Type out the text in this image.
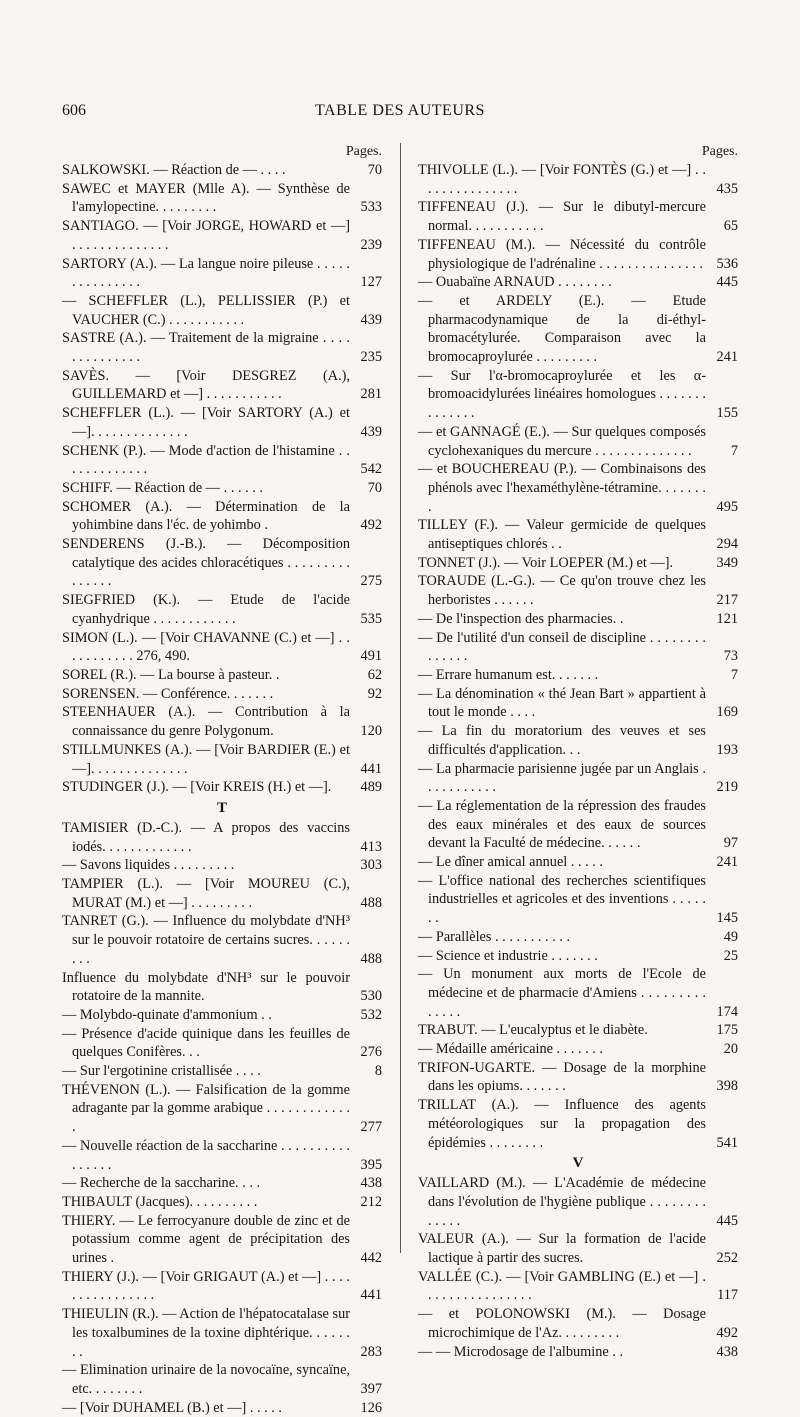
606	TABLE DES AUTEURS
Pages.
SALKOWSKI. — Réaction de — . . . .	70
SAWEC et MAYER (Mlle A). — Synthèse de l'amylopectine. . . . . . . . .	533
SANTIAGO. — [Voir JORGE, HOWARD et —] . . . . . . . . . . . . . .	239
SARTORY (A.). — La langue noire pileuse . . . . . . . . . . . . . . .	127
— SCHEFFLER (L.), PELLISSIER (P.) et VAUCHER (C.) . . . . . . . . . . .	439
SASTRE (A.). — Traitement de la migraine . . . . . . . . . . . . . .	235
SAVÈS. — [Voir DESGREZ (A.), GUILLEMARD et —] . . . . . . . . . . .	281
SCHEFFLER (L.). — [Voir SARTORY (A.) et —]. . . . . . . . . . . . . .	439
SCHENK (P.). — Mode d'action de l'histamine . . . . . . . . . . . . .	542
SCHIFF. — Réaction de — . . . . . .	70
SCHOMER (A.). — Détermination de la yohimbine dans l'éc. de yohimbo .	492
SENDERENS (J.-B.). — Décomposition catalytique des acides chloracétiques . . . . . . . . . . . . . . .	275
SIEGFRIED (K.). — Etude de l'acide cyanhydrique . . . . . . . . . . . .	535
SIMON (L.). — [Voir CHAVANNE (C.) et —] . . . . . . . . . . . 276, 490.	491
SOREL (R.). — La bourse à pasteur. .	62
SORENSEN. — Conférence. . . . . . .	92
STEENHAUER (A.). — Contribution à la connaissance du genre Polygonum.	120
STILLMUNKES (A.). — [Voir BARDIER (E.) et —]. . . . . . . . . . . . . .	441
STUDINGER (J.). — [Voir KREIS (H.) et —]. 489
T
TAMISIER (D.-C.). — A propos des vaccins iodés. . . . . . . . . . . . .	413
— Savons liquides . . . . . . . . .	303
TAMPIER (L.). — [Voir MOUREU (C.), MURAT (M.) et —] . . . . . . . . .	488
TANRET (G.). — Influence du molybdate d'NH³ sur le pouvoir rotatoire de certains sucres. . . . . . . . .	488
Influence du molybdate d'NH³ sur le pouvoir rotatoire de la mannite.	530
— Molybdo-quinate d'ammonium . .	532
— Présence d'acide quinique dans les feuilles de quelques Conifères. . .	276
— Sur l'ergotinine cristallisée . . . .	8
THÉVENON (L.). — Falsification de la gomme adragante par la gomme arabique . . . . . . . . . . . . .	277
— Nouvelle réaction de la saccharine . . . . . . . . . . . . . . . .	395
— Recherche de la saccharine. . . .	438
THIBAULT (Jacques). . . . . . . . . .	212
THIERY. — Le ferrocyanure double de zinc et de potassium comme agent de précipitation des urines .	442
THIERY (J.). — [Voir GRIGAUT (A.) et —] . . . . . . . . . . . . . . . .	441
THIEULIN (R.). — Action de l'hépatocatalase sur les toxalbumines de la toxine diphtérique. . . . . . . .	283
— Elimination urinaire de la novocaïne, syncaïne, etc. . . . . . . .	397
— [Voir DUHAMEL (B.) et —] . . . . .	126
Pages.
THIVOLLE (L.). — [Voir FONTÈS (G.) et —] . . . . . . . . . . . . . . .	435
TIFFENEAU (J.). — Sur le dibutyl-mercure normal. . . . . . . . . . .	65
TIFFENEAU (M.). — Nécessité du contrôle physiologique de l'adrénaline . . . . . . . . . . . . . . . 536
— Ouabaïne ARNAUD . . . . . . . .	445
— et ARDELY (E.). — Etude pharmacodynamique de la di-éthyl-bromacétylurée. Comparaison avec la bromocaproylurée . . . . . . . . .	241
— Sur l'α-bromocaproylurée et les α-bromoacidylurées linéaires homologues . . . . . . . . . . . . . .	155
— et GANNAGÉ (E.). — Sur quelques composés cyclohexaniques du mercure . . . . . . . . . . . . . .	7
— et BOUCHEREAU (P.). — Combinaisons des phénols avec l'hexaméthylène-tétramine. . . . . . . .	495
TILLEY (F.). — Valeur germicide de quelques antiseptiques chlorés . .	294
TONNET (J.). — Voir LOEPER (M.) et —].	349
TORAUDE (L.-G.). — Ce qu'on trouve chez les herboristes . . . . . .	217
— De l'inspection des pharmacies. .	121
— De l'utilité d'un conseil de discipline . . . . . . . . . . . . . .	73
— Errare humanum est. . . . . . .	7
— La dénomination « thé Jean Bart » appartient à tout le monde . . . .	169
— La fin du moratorium des veuves et ses difficultés d'application. . .	193
— La pharmacie parisienne jugée par un Anglais . . . . . . . . . . .	219
— La réglementation de la répression des fraudes des eaux minérales et des eaux de sources devant la Faculté de médecine. . . . . .	97
— Le dîner amical annuel . . . . .	241
— L'office national des recherches scientifiques industrielles et agricoles et des inventions . . . . . . .	145
— Parallèles . . . . . . . . . . .	49
— Science et industrie . . . . . . .	25
— Un monument aux morts de l'Ecole de médecine et de pharmacie d'Amiens . . . . . . . . . . . . . .	174
TRABUT. — L'eucalyptus et le diabète.	175
— Médaille américaine . . . . . . .	20
TRIFON-UGARTE. — Dosage de la morphine dans les opiums. . . . . . .	398
TRILLAT (A.). — Influence des agents météorologiques sur la propagation des épidémies . . . . . . . .	541
V
VAILLARD (M.). — L'Académie de médecine dans l'évolution de l'hygiène publique . . . . . . . . . . . . .	445
VALEUR (A.). — Sur la formation de l'acide lactique à partir des sucres.	252
VALLÉE (C.). — [Voir GAMBLING (E.) et —] . . . . . . . . . . . . . . . .	117
— et POLONOWSKI (M.). — Dosage microchimique de l'Az. . . . . . . . .	492
— — Microdosage de l'albumine . .	438
